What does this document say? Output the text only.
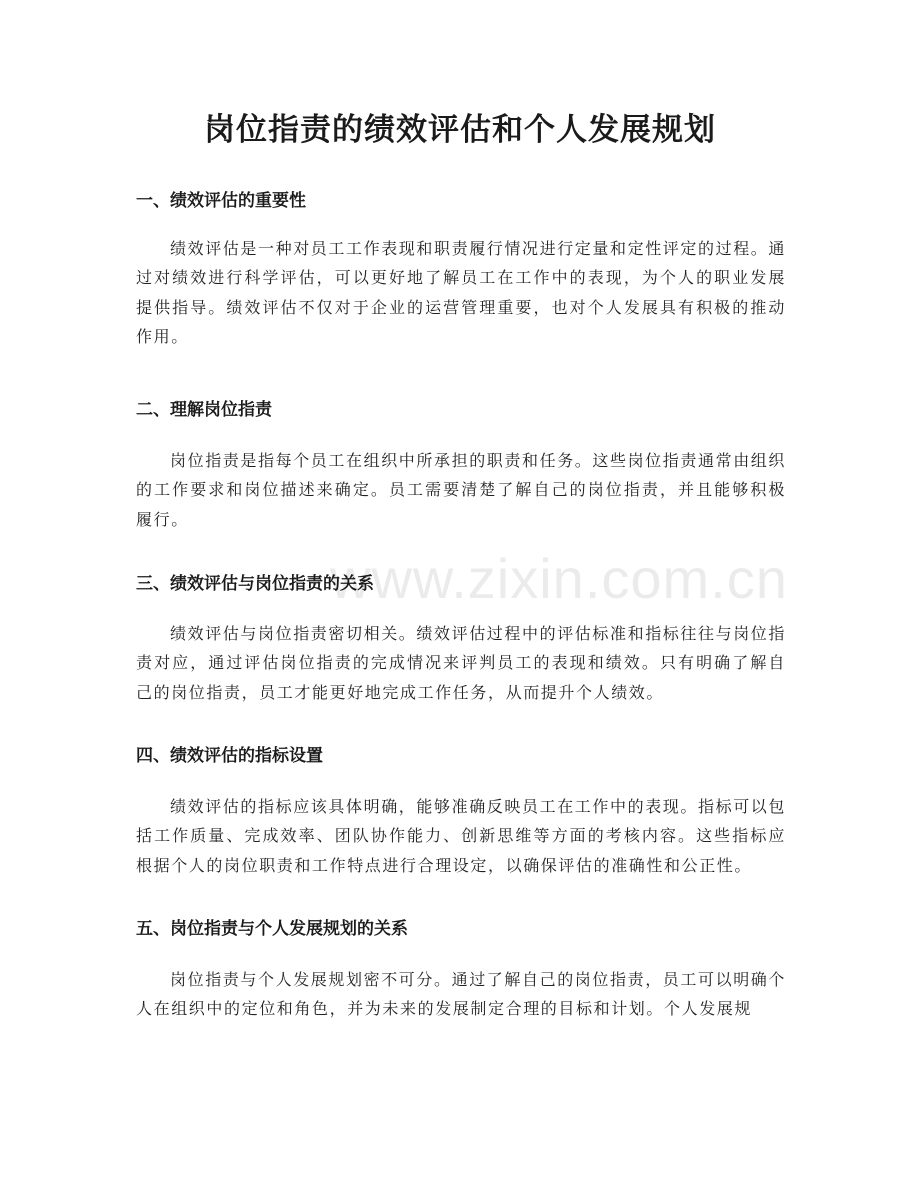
岗位指责的绩效评估和个人发展规划
www.zixin.com.cn
一、绩效评估的重要性

绩效评估是一种对员工工作表现和职责履行情况进行定量和定性评定的过程。通过对绩效进行科学评估，可以更好地了解员工在工作中的表现，为个人的职业发展提供指导。绩效评估不仅对于企业的运营管理重要，也对个人发展具有积极的推动作用。

二、理解岗位指责

岗位指责是指每个员工在组织中所承担的职责和任务。这些岗位指责通常由组织的工作要求和岗位描述来确定。员工需要清楚了解自己的岗位指责，并且能够积极履行。

三、绩效评估与岗位指责的关系

绩效评估与岗位指责密切相关。绩效评估过程中的评估标准和指标往往与岗位指责对应，通过评估岗位指责的完成情况来评判员工的表现和绩效。只有明确了解自己的岗位指责，员工才能更好地完成工作任务，从而提升个人绩效。

四、绩效评估的指标设置

绩效评估的指标应该具体明确，能够准确反映员工在工作中的表现。指标可以包括工作质量、完成效率、团队协作能力、创新思维等方面的考核内容。这些指标应根据个人的岗位职责和工作特点进行合理设定，以确保评估的准确性和公正性。

五、岗位指责与个人发展规划的关系

岗位指责与个人发展规划密不可分。通过了解自己的岗位指责，员工可以明确个人在组织中的定位和角色，并为未来的发展制定合理的目标和计划。个人发展规
